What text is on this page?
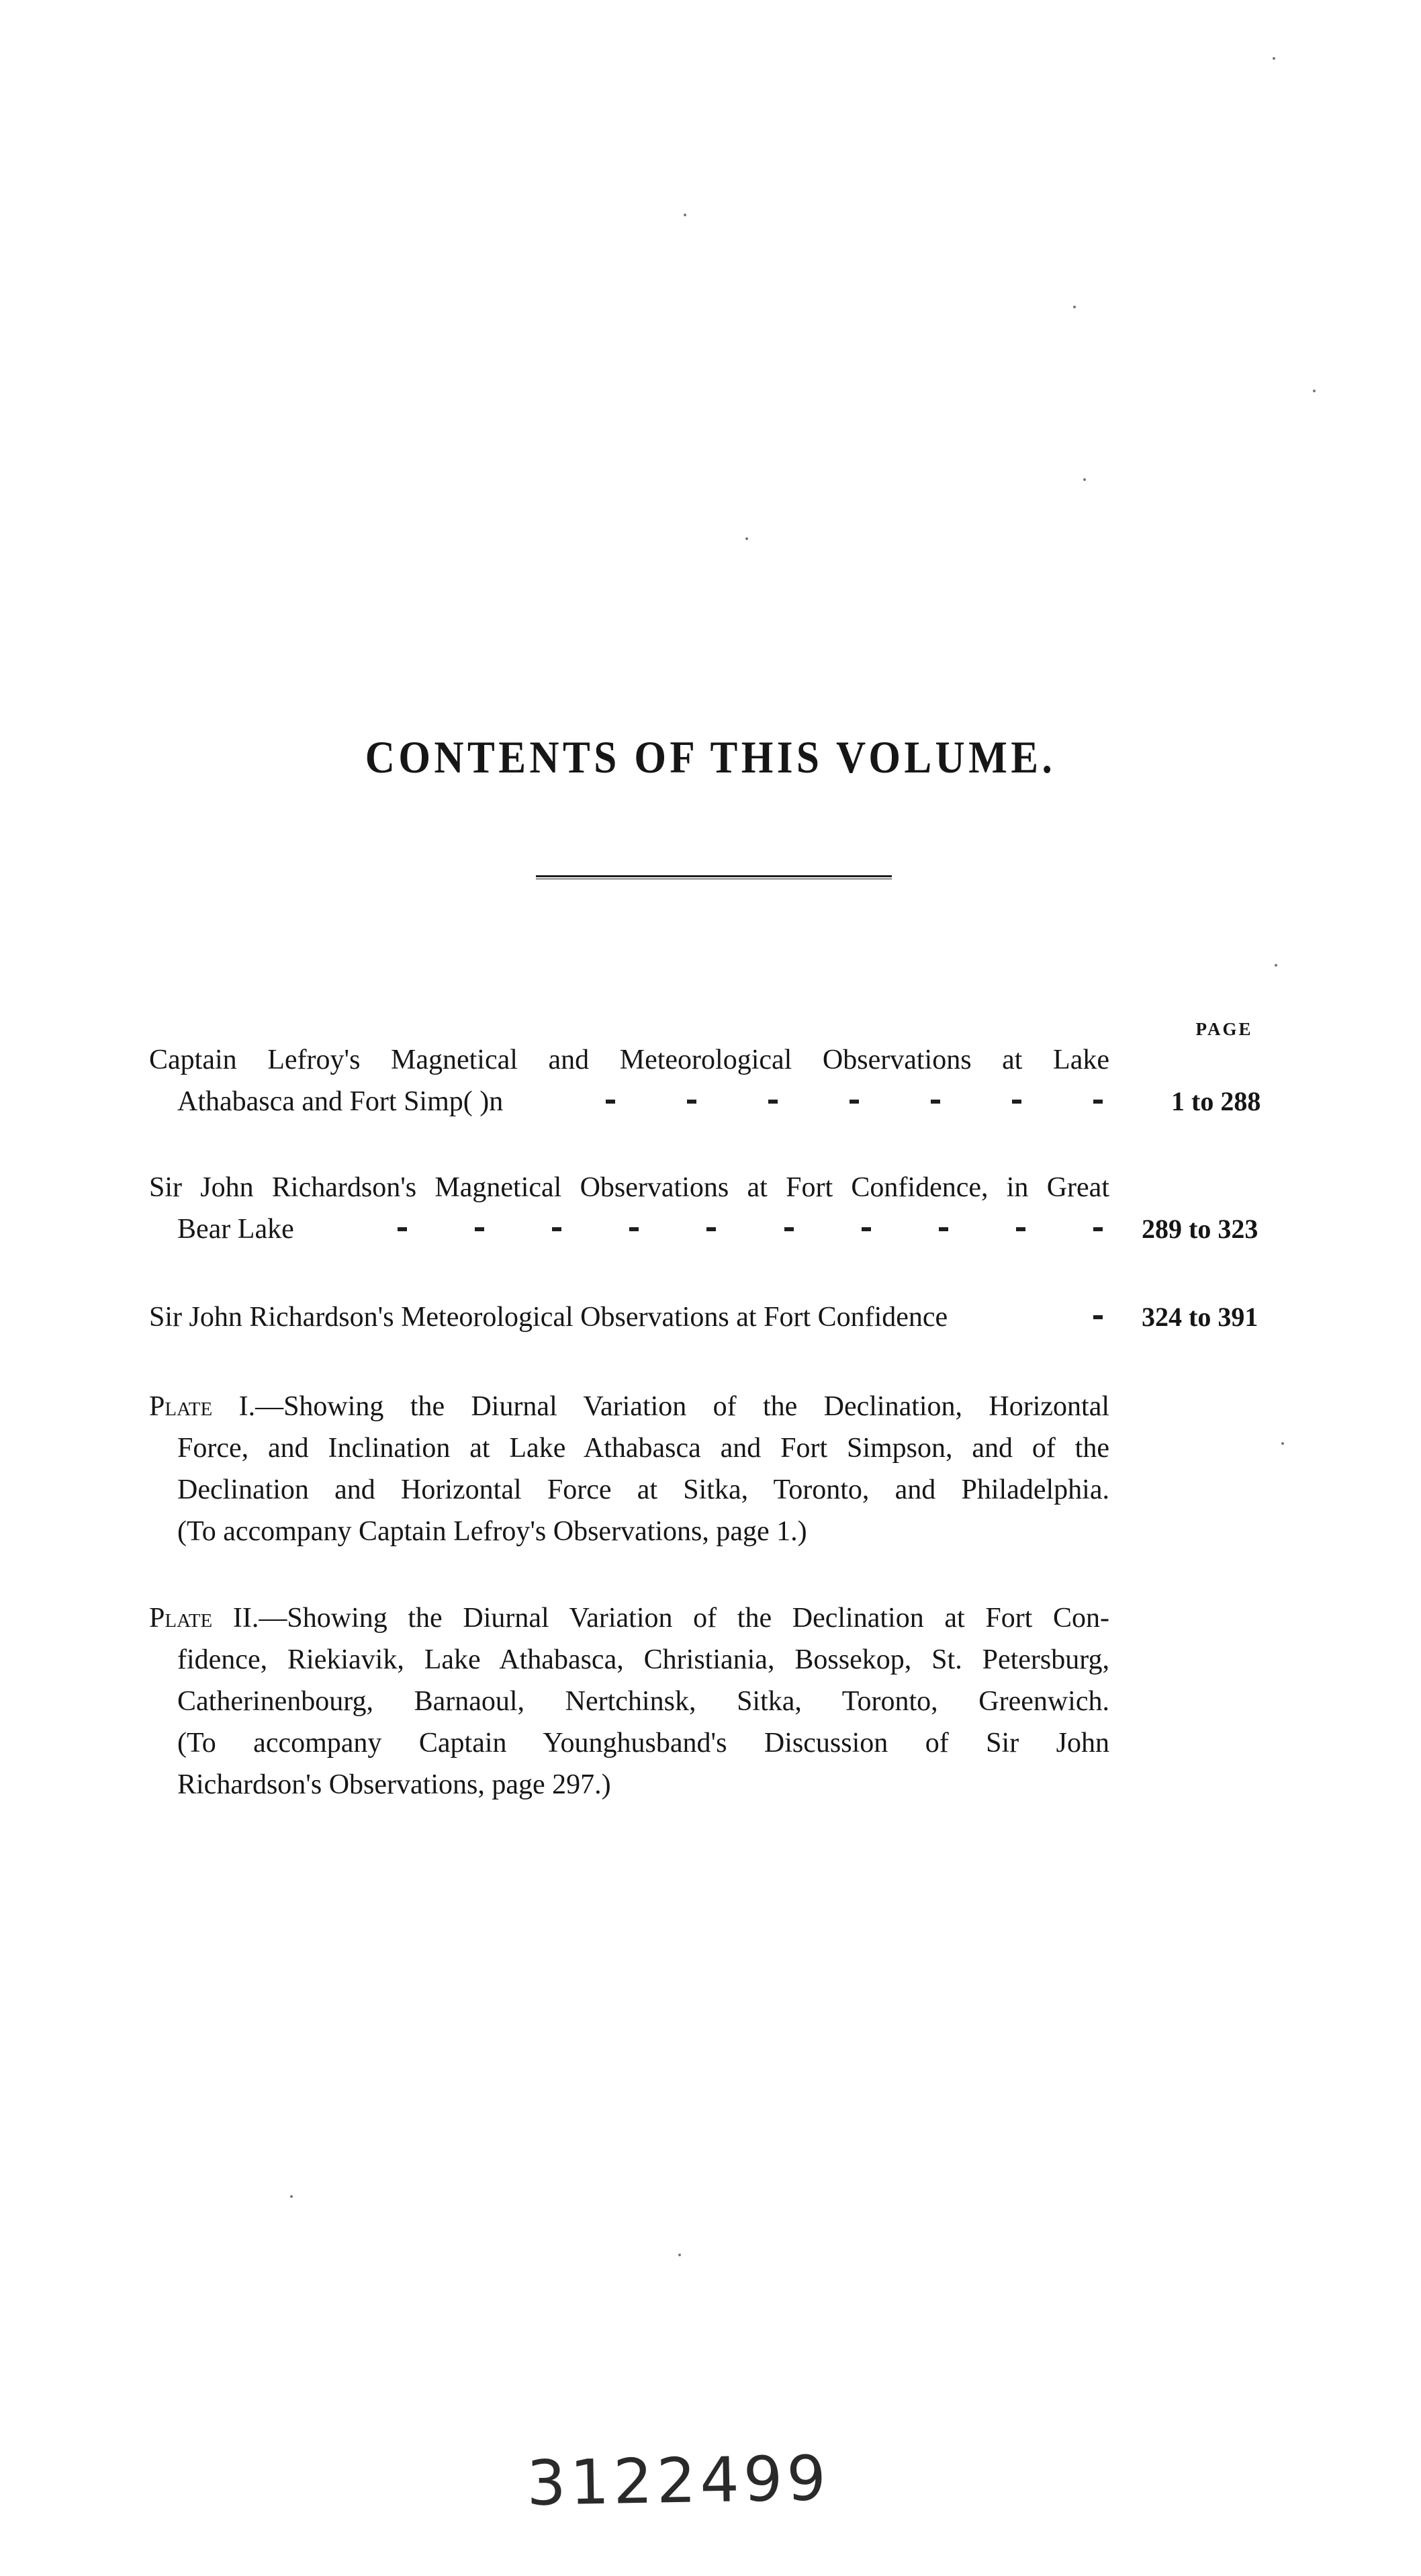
CONTENTS OF THIS VOLUME.
PAGE
Captain Lefroy's Magnetical and Meteorological Observations at Lake
Athabasca and Fort Simp( )n	1 to 288
Sir John Richardson's Magnetical Observations at Fort Confidence, in Great
Bear Lake	289 to 323
Sir John Richardson's Meteorological Observations at Fort Confidence	324 to 391
Plate I.—Showing the Diurnal Variation of the Declination, Horizontal
Force, and Inclination at Lake Athabasca and Fort Simpson, and of the
Declination and Horizontal Force at Sitka, Toronto, and Philadelphia.
(To accompany Captain Lefroy's Observations, page 1.)
Plate II.—Showing the Diurnal Variation of the Declination at Fort Con-
fidence, Riekiavik, Lake Athabasca, Christiania, Bossekop, St. Petersburg,
Catherinenbourg, Barnaoul, Nertchinsk, Sitka, Toronto, Greenwich.
(To accompany Captain Younghusband's Discussion of Sir John
Richardson's Observations, page 297.)
3122499
